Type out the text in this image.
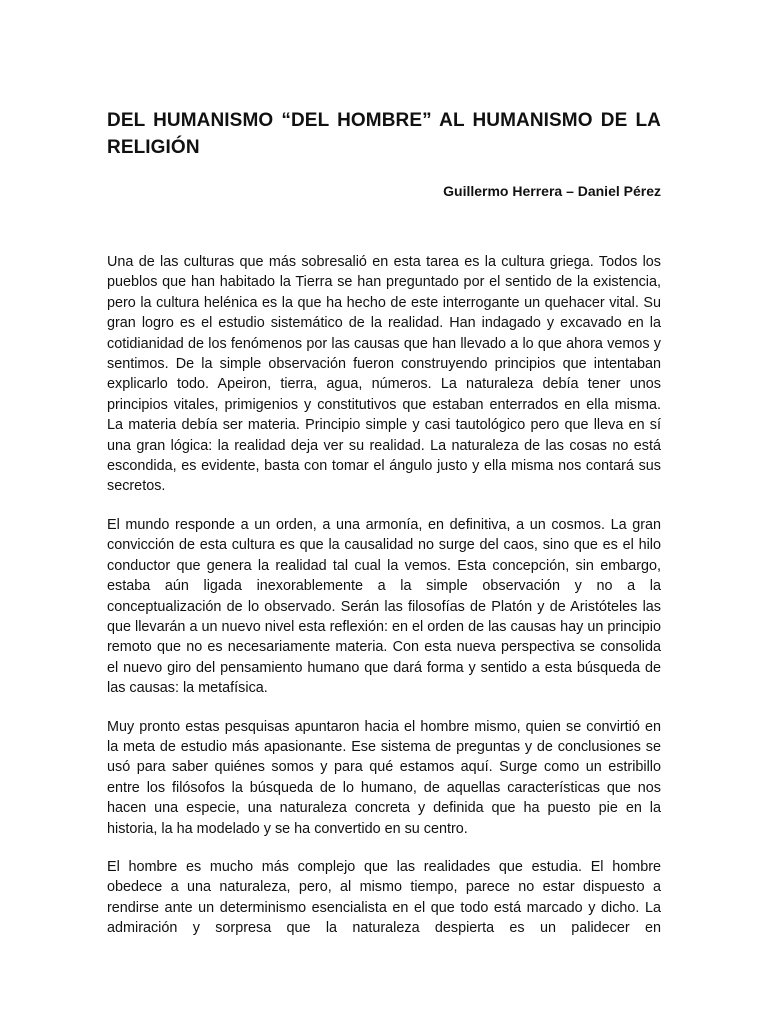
DEL HUMANISMO “DEL HOMBRE” AL HUMANISMO DE LA RELIGIÓN
Guillermo Herrera – Daniel Pérez

Una de las culturas que más sobresalió en esta tarea es la cultura griega. Todos los pueblos que han habitado la Tierra se han preguntado por el sentido de la existencia, pero la cultura helénica es la que ha hecho de este interrogante un quehacer vital. Su gran logro es el estudio sistemático de la realidad. Han indagado y excavado en la cotidianidad de los fenómenos por las causas que han llevado a lo que ahora vemos y sentimos. De la simple observación fueron construyendo principios que intentaban explicarlo todo. Apeiron, tierra, agua, números. La naturaleza debía tener unos principios vitales, primigenios y constitutivos que estaban enterrados en ella misma. La materia debía ser materia. Principio simple y casi tautológico pero que lleva en sí una gran lógica: la realidad deja ver su realidad. La naturaleza de las cosas no está escondida, es evidente, basta con tomar el ángulo justo y ella misma nos contará sus secretos.

El mundo responde a un orden, a una armonía, en definitiva, a un cosmos. La gran convicción de esta cultura es que la causalidad no surge del caos, sino que es el hilo conductor que genera la realidad tal cual la vemos. Esta concepción, sin embargo, estaba aún ligada inexorablemente a la simple observación y no a la conceptualización de lo observado. Serán las filosofías de Platón y de Aristóteles las que llevarán a un nuevo nivel esta reflexión: en el orden de las causas hay un principio remoto que no es necesariamente materia. Con esta nueva perspectiva se consolida el nuevo giro del pensamiento humano que dará forma y sentido a esta búsqueda de las causas: la metafísica.

Muy pronto estas pesquisas apuntaron hacia el hombre mismo, quien se convirtió en la meta de estudio más apasionante. Ese sistema de preguntas y de conclusiones se usó para saber quiénes somos y para qué estamos aquí. Surge como un estribillo entre los filósofos la búsqueda de lo humano, de aquellas características que nos hacen una especie, una naturaleza concreta y definida que ha puesto pie en la historia, la ha modelado y se ha convertido en su centro.

El hombre es mucho más complejo que las realidades que estudia. El hombre obedece a una naturaleza, pero, al mismo tiempo, parece no estar dispuesto a rendirse ante un determinismo esencialista en el que todo está marcado y dicho. La admiración y sorpresa que la naturaleza despierta es un palidecer en
